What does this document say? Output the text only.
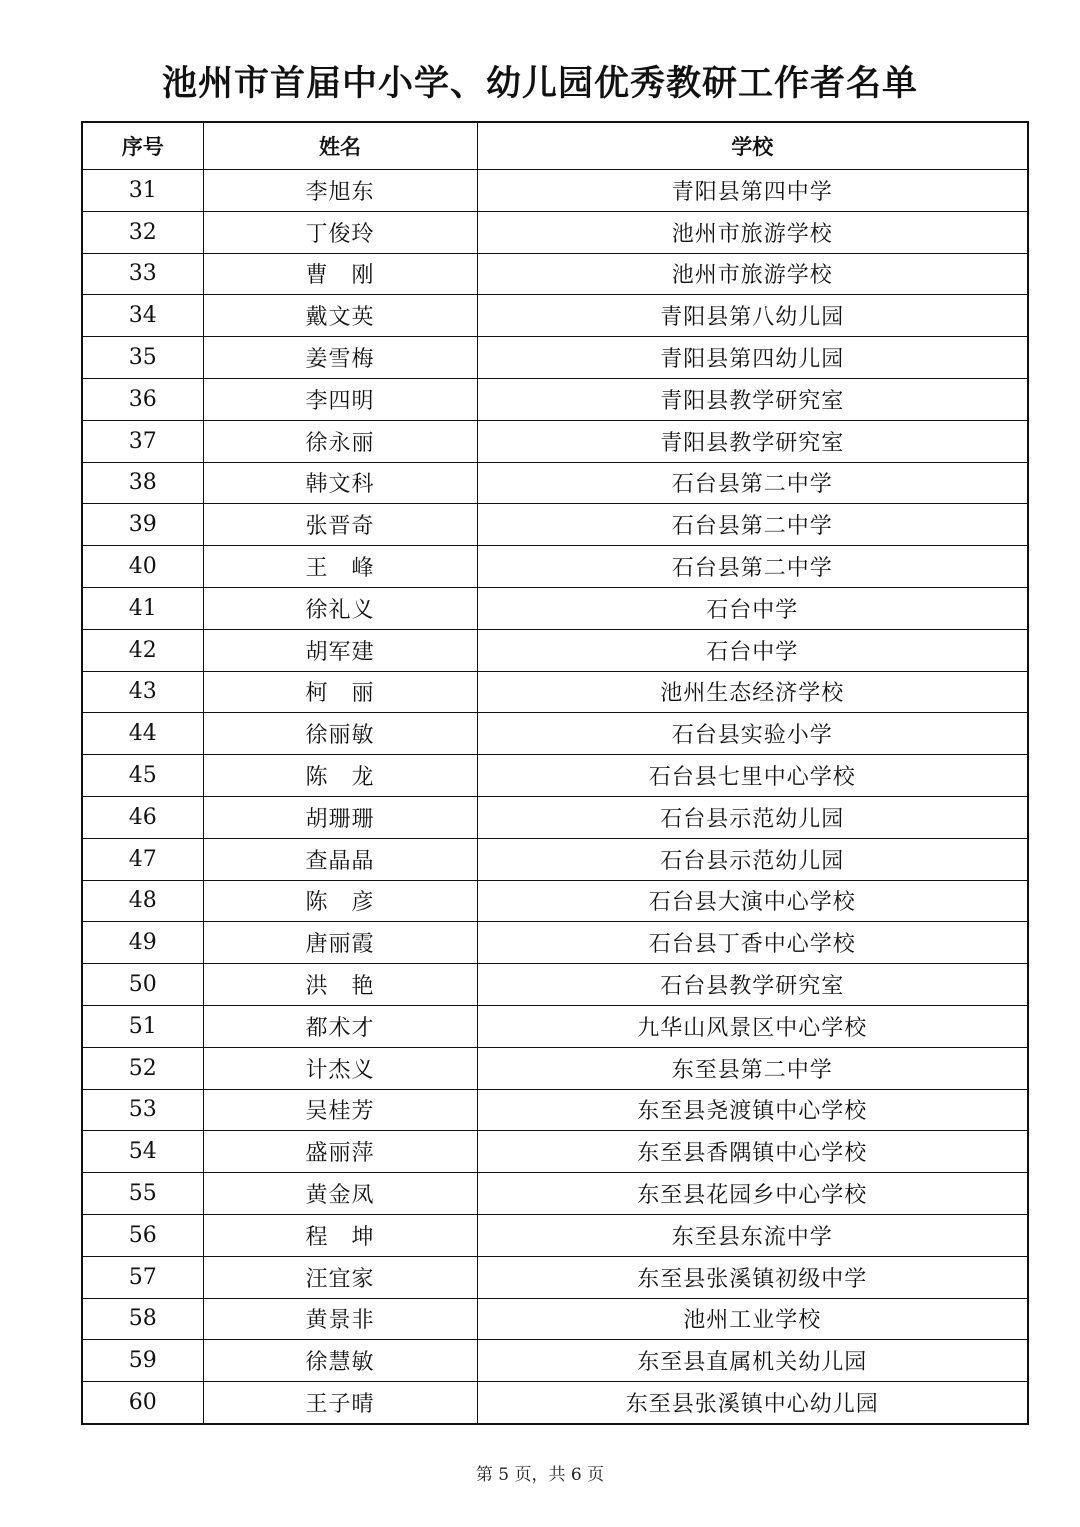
池州市首届中小学、幼儿园优秀教研工作者名单
序号	姓名	学校
31	李旭东	青阳县第四中学
32	丁俊玲	池州市旅游学校
33	曹　刚	池州市旅游学校
34	戴文英	青阳县第八幼儿园
35	姜雪梅	青阳县第四幼儿园
36	李四明	青阳县教学研究室
37	徐永丽	青阳县教学研究室
38	韩文科	石台县第二中学
39	张晋奇	石台县第二中学
40	王　峰	石台县第二中学
41	徐礼义	石台中学
42	胡军建	石台中学
43	柯　丽	池州生态经济学校
44	徐丽敏	石台县实验小学
45	陈　龙	石台县七里中心学校
46	胡珊珊	石台县示范幼儿园
47	查晶晶	石台县示范幼儿园
48	陈　彦	石台县大演中心学校
49	唐丽霞	石台县丁香中心学校
50	洪　艳	石台县教学研究室
51	都术才	九华山风景区中心学校
52	计杰义	东至县第二中学
53	吴桂芳	东至县尧渡镇中心学校
54	盛丽萍	东至县香隅镇中心学校
55	黄金凤	东至县花园乡中心学校
56	程　坤	东至县东流中学
57	汪宜家	东至县张溪镇初级中学
58	黄景非	池州工业学校
59	徐慧敏	东至县直属机关幼儿园
60	王子晴	东至县张溪镇中心幼儿园
第 5 页，共 6 页
